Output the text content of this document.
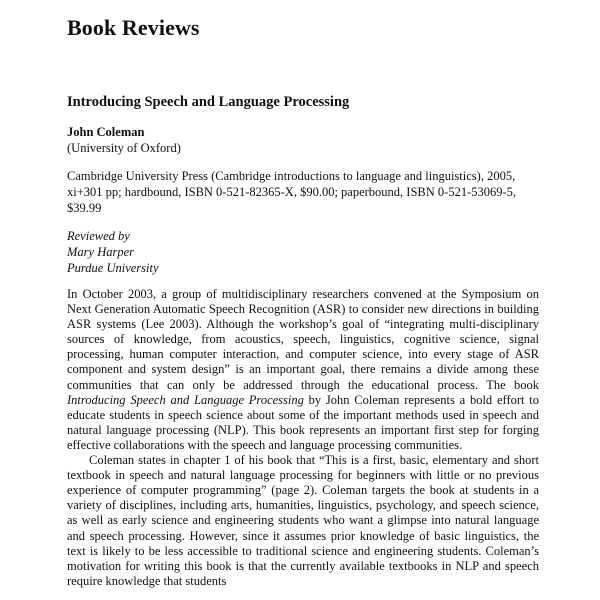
Book Reviews
Introducing Speech and Language Processing
John Coleman
(University of Oxford)
Cambridge University Press (Cambridge introductions to language and linguistics), 2005, xi+301 pp; hardbound, ISBN 0-521-82365-X, $90.00; paperbound, ISBN 0-521-53069-5, $39.99
Reviewed by
Mary Harper
Purdue University

In October 2003, a group of multidisciplinary researchers convened at the Symposium on Next Generation Automatic Speech Recognition (ASR) to consider new directions in building ASR systems (Lee 2003). Although the workshop’s goal of “integrating multi-disciplinary sources of knowledge, from acoustics, speech, linguistics, cognitive science, signal processing, human computer interaction, and computer science, into every stage of ASR component and system design” is an important goal, there remains a divide among these communities that can only be addressed through the educational process. The book Introducing Speech and Language Processing by John Coleman represents a bold effort to educate students in speech science about some of the important methods used in speech and natural language processing (NLP). This book represents an important first step for forging effective collaborations with the speech and language processing communities.

Coleman states in chapter 1 of his book that “This is a first, basic, elementary and short textbook in speech and natural language processing for beginners with little or no previous experience of computer programming” (page 2). Coleman targets the book at students in a variety of disciplines, including arts, humanities, linguistics, psychology, and speech science, as well as early science and engineering students who want a glimpse into natural language and speech processing. However, since it assumes prior knowledge of basic linguistics, the text is likely to be less accessible to traditional science and engineering students. Coleman’s motivation for writing this book is that the currently available textbooks in NLP and speech require knowledge that students
